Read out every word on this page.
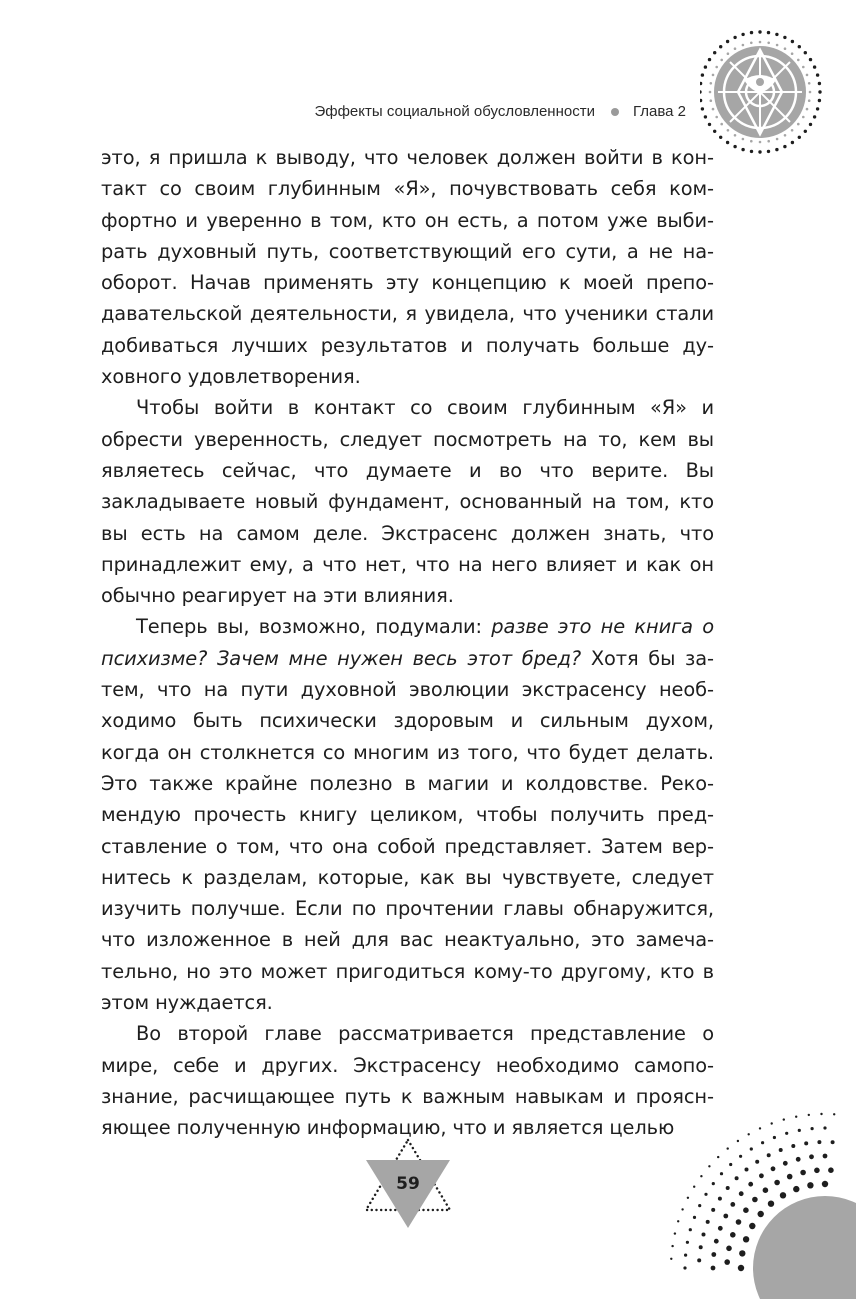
Эффекты социальной обусловленности	Глава 2

это, я пришла к выводу, что человек должен войти в контакт со своим глубинным «Я», почувствовать себя комфортно и уверенно в том, кто он есть, а потом уже выбирать духовный путь, соответствующий его сути, а не наоборот. Начав применять эту концепцию к моей преподавательской деятельности, я увидела, что ученики стали добиваться лучших результатов и получать больше духовного удовлетворения.

Чтобы войти в контакт со своим глубинным «Я» и обрести уверенность, следует посмотреть на то, кем вы являетесь сейчас, что думаете и во что верите. Вы закладываете новый фундамент, основанный на том, кто вы есть на самом деле. Экстрасенс должен знать, что принадлежит ему, а что нет, что на него влияет и как он обычно реагирует на эти влияния.

Теперь вы, возможно, подумали: разве это не книга о психизме? Зачем мне нужен весь этот бред? Хотя бы затем, что на пути духовной эволюции экстрасенсу необходимо быть психически здоровым и сильным духом, когда он столкнется со многим из того, что будет делать. Это также крайне полезно в магии и колдовстве. Рекомендую прочесть книгу целиком, чтобы получить представление о том, что она собой представляет. Затем вернитесь к разделам, которые, как вы чувствуете, следует изучить получше. Если по прочтении главы обнаружится, что изложенное в ней для вас неактуально, это замечательно, но это может пригодиться кому-то другому, кто в этом нуждается.

Во второй главе рассматривается представление о мире, себе и других. Экстрасенсу необходимо самопознание, расчищающее путь к важным навыкам и проясняющее полученную информацию, что и является целью

59
